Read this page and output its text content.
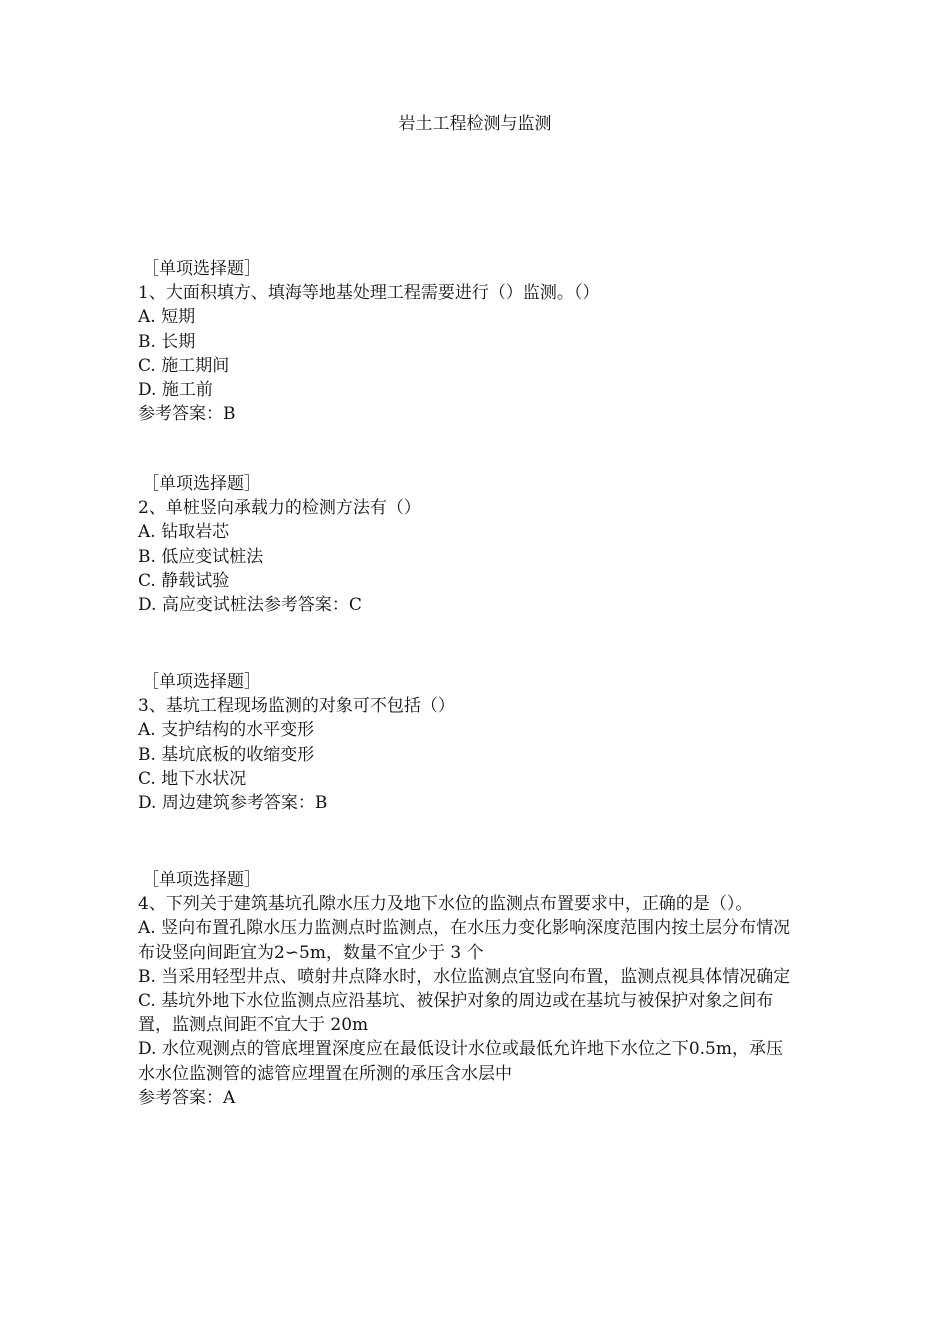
岩土工程检测与监测
［单项选择题］
1、大面积填方、填海等地基处理工程需要进行（）监测。（）
A. 短期
B. 长期
C. 施工期间
D. 施工前
参考答案：B
［单项选择题］
2、单桩竖向承载力的检测方法有（）
A. 钻取岩芯
B. 低应变试桩法
C. 静载试验
D. 高应变试桩法参考答案：C
［单项选择题］
3、基坑工程现场监测的对象可不包括（）
A. 支护结构的水平变形
B. 基坑底板的收缩变形
C. 地下水状况
D. 周边建筑参考答案：B
［单项选择题］
4、下列关于建筑基坑孔隙水压力及地下水位的监测点布置要求中，正确的是（）。
A. 竖向布置孔隙水压力监测点时监测点，在水压力变化影响深度范围内按土层分布情况布设竖向间距宜为2∽5m，数量不宜少于 3 个
B. 当采用轻型井点、喷射井点降水时，水位监测点宜竖向布置，监测点视具体情况确定
C. 基坑外地下水位监测点应沿基坑、被保护对象的周边或在基坑与被保护对象之间布置，监测点间距不宜大于 20m
D. 水位观测点的管底埋置深度应在最低设计水位或最低允许地下水位之下0.5m，承压水水位监测管的滤管应埋置在所测的承压含水层中
参考答案：A
